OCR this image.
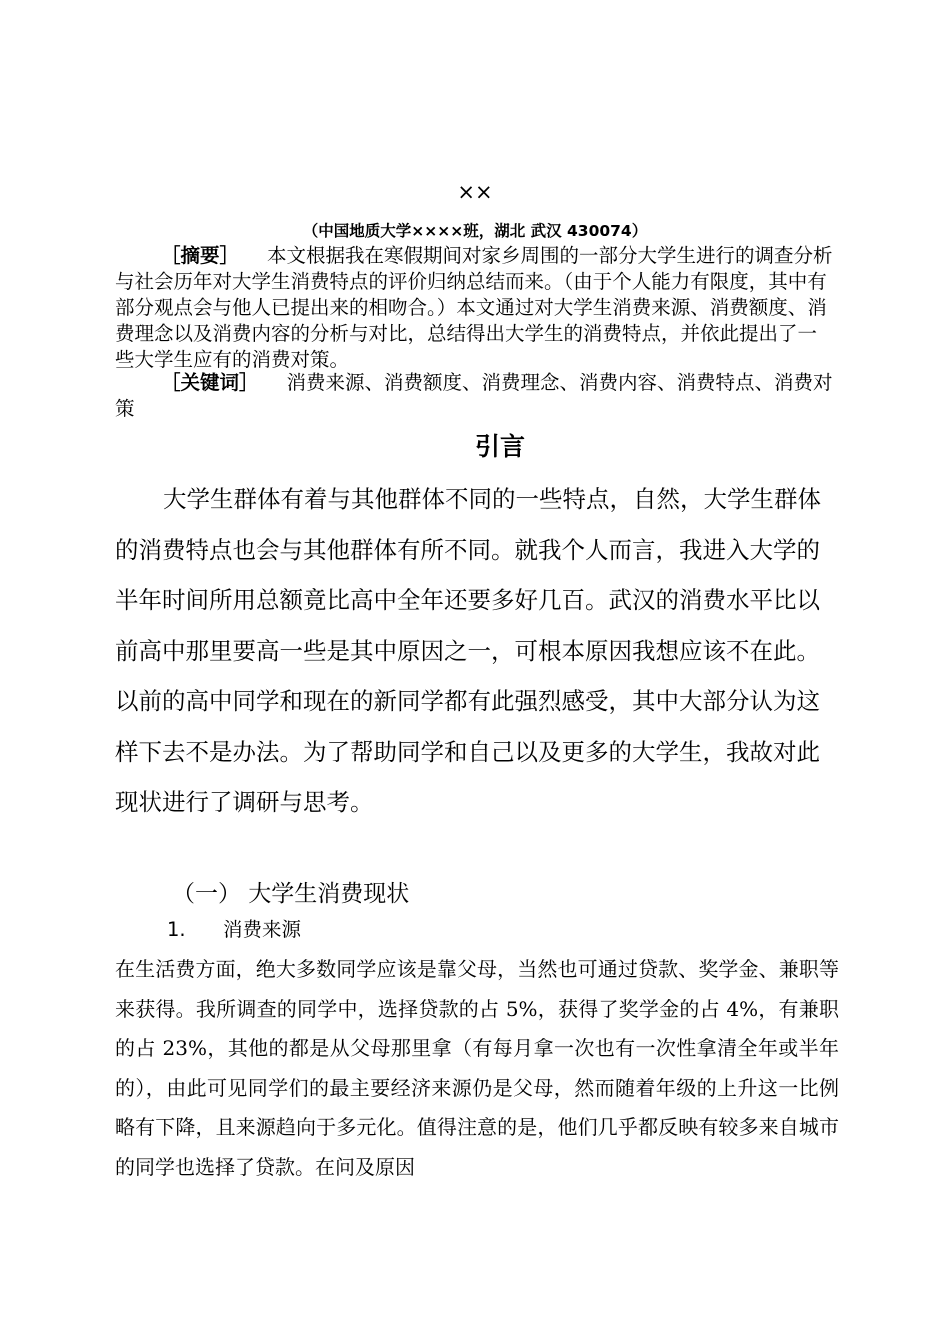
××
（中国地质大学××××班，湖北 武汉 430074）
［摘要］ 本文根据我在寒假期间对家乡周围的一部分大学生进行的调查分析与社会历年对大学生消费特点的评价归纳总结而来。（由于个人能力有限度，其中有部分观点会与他人已提出来的相吻合。）本文通过对大学生消费来源、消费额度、消费理念以及消费内容的分析与对比，总结得出大学生的消费特点，并依此提出了一些大学生应有的消费对策。
［关键词］ 消费来源、消费额度、消费理念、消费内容、消费特点、消费对策
引言
大学生群体有着与其他群体不同的一些特点，自然，大学生群体的消费特点也会与其他群体有所不同。就我个人而言，我进入大学的半年时间所用总额竟比高中全年还要多好几百。武汉的消费水平比以前高中那里要高一些是其中原因之一，可根本原因我想应该不在此。以前的高中同学和现在的新同学都有此强烈感受，其中大部分认为这样下去不是办法。为了帮助同学和自己以及更多的大学生，我故对此现状进行了调研与思考。
（一） 大学生消费现状
1. 消费来源
在生活费方面，绝大多数同学应该是靠父母，当然也可通过贷款、奖学金、兼职等来获得。我所调查的同学中，选择贷款的占 5%，获得了奖学金的占 4%，有兼职的占 23%，其他的都是从父母那里拿（有每月拿一次也有一次性拿清全年或半年的），由此可见同学们的最主要经济来源仍是父母，然而随着年级的上升这一比例略有下降，且来源趋向于多元化。值得注意的是，他们几乎都反映有较多来自城市的同学也选择了贷款。在问及原因
